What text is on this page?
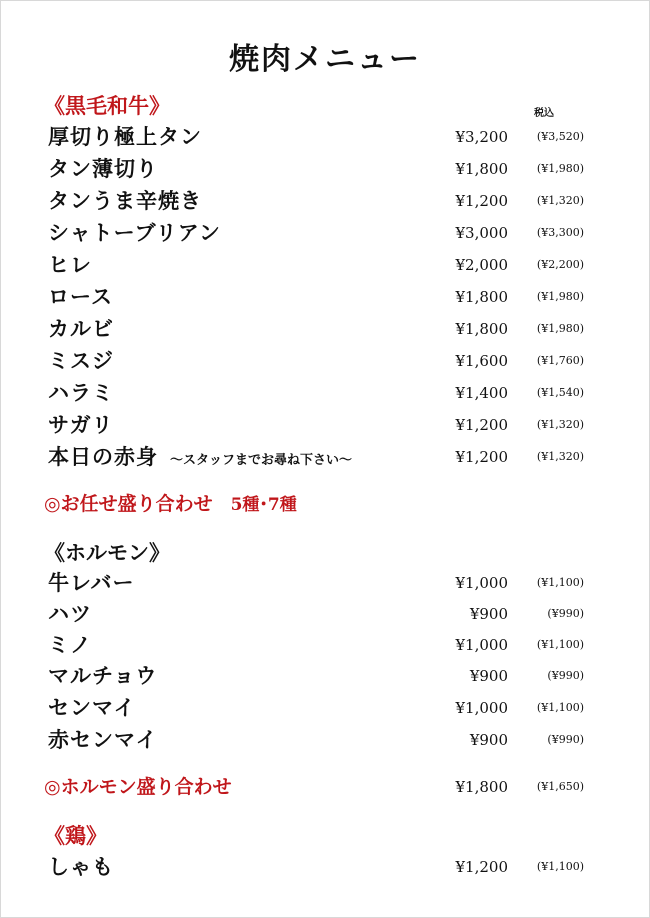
焼肉メニュー
税込
《黒毛和牛》
厚切り極上タン	¥3,200	(¥3,520)
タン薄切り	¥1,800	(¥1,980)
タンうま辛焼き	¥1,200	(¥1,320)
シャトーブリアン	¥3,000	(¥3,300)
ヒレ	¥2,000	(¥2,200)
ロース	¥1,800	(¥1,980)
カルビ	¥1,800	(¥1,980)
ミスジ	¥1,600	(¥1,760)
ハラミ	¥1,400	(¥1,540)
サガリ	¥1,200	(¥1,320)
本日の赤身 〜スタッフまでお尋ね下さい〜	¥1,200	(¥1,320)
◎お任せ盛り合わせ 5種･7種
《ホルモン》
牛レバー	¥1,000	(¥1,100)
ハツ	¥900	(¥990)
ミノ	¥1,000	(¥1,100)
マルチョウ	¥900	(¥990)
センマイ	¥1,000	(¥1,100)
赤センマイ	¥900	(¥990)
◎ホルモン盛り合わせ	¥1,800	(¥1,650)
《鶏》
しゃも	¥1,200	(¥1,100)
